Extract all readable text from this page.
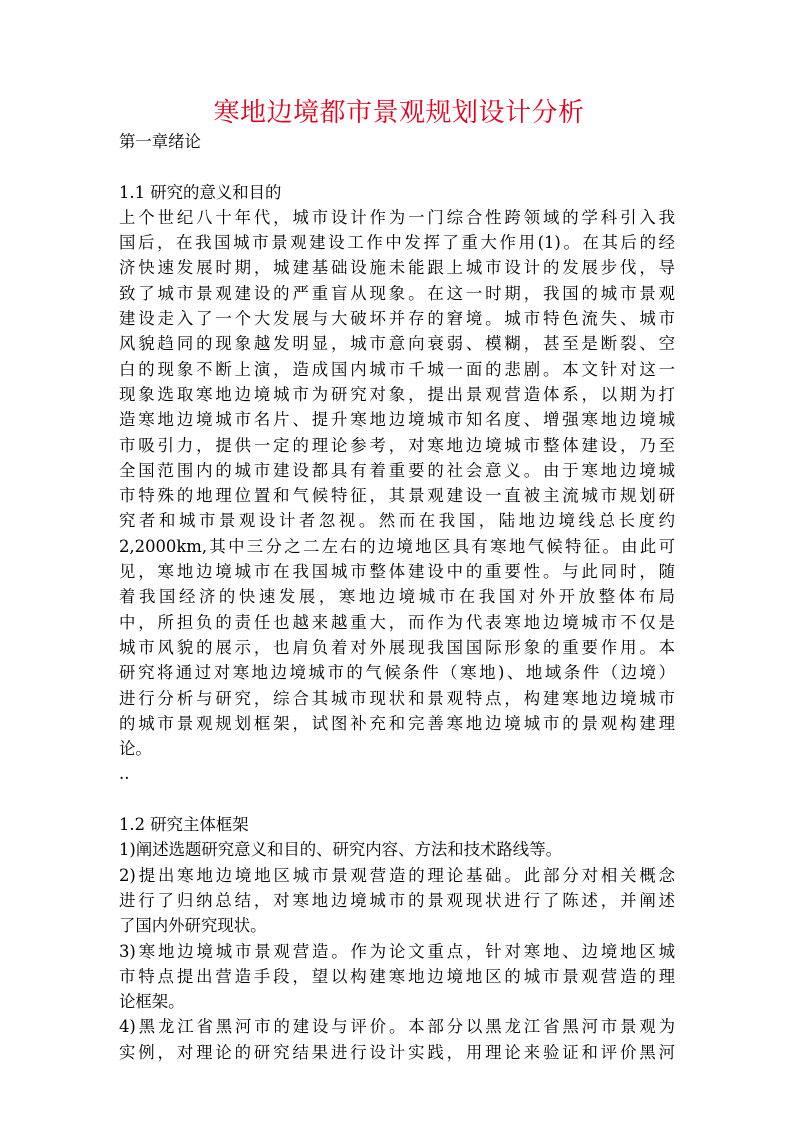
寒地边境都市景观规划设计分析
第一章绪论
1.1 研究的意义和目的
上个世纪八十年代，城市设计作为一门综合性跨领域的学科引入我
国后，在我国城市景观建设工作中发挥了重大作用(1)。在其后的经
济快速发展时期，城建基础设施未能跟上城市设计的发展步伐，导
致了城市景观建设的严重盲从现象。在这一时期，我国的城市景观
建设走入了一个大发展与大破坏并存的窘境。城市特色流失、城市
风貌趋同的现象越发明显，城市意向衰弱、模糊，甚至是断裂、空
白的现象不断上演，造成国内城市千城一面的悲剧。本文针对这一
现象选取寒地边境城市为研究对象，提出景观营造体系，以期为打
造寒地边境城市名片、提升寒地边境城市知名度、增强寒地边境城
市吸引力，提供一定的理论参考，对寒地边境城市整体建设，乃至
全国范围内的城市建设都具有着重要的社会意义。由于寒地边境城
市特殊的地理位置和气候特征，其景观建设一直被主流城市规划研
究者和城市景观设计者忽视。然而在我国，陆地边境线总长度约
2,2000km,其中三分之二左右的边境地区具有寒地气候特征。由此可
见，寒地边境城市在我国城市整体建设中的重要性。与此同时，随
着我国经济的快速发展，寒地边境城市在我国对外开放整体布局
中，所担负的责任也越来越重大，而作为代表寒地边境城市不仅是
城市风貌的展示，也肩负着对外展现我国国际形象的重要作用。本
研究将通过对寒地边境城市的气候条件（寒地)、地域条件（边境）
进行分析与研究，综合其城市现状和景观特点，构建寒地边境城市
的城市景观规划框架，试图补充和完善寒地边境城市的景观构建理
论。
..
1.2 研究主体框架
1)阐述选题研究意义和目的、研究内容、方法和技术路线等。
2)提出寒地边境地区城市景观营造的理论基础。此部分对相关概念
进行了归纳总结，对寒地边境城市的景观现状进行了陈述，并阐述
了国内外研究现状。
3)寒地边境城市景观营造。作为论文重点，针对寒地、边境地区城
市特点提出营造手段，望以构建寒地边境地区的城市景观营造的理
论框架。
4)黑龙江省黑河市的建设与评价。本部分以黑龙江省黑河市景观为
实例，对理论的研究结果进行设计实践，用理论来验证和评价黑河
